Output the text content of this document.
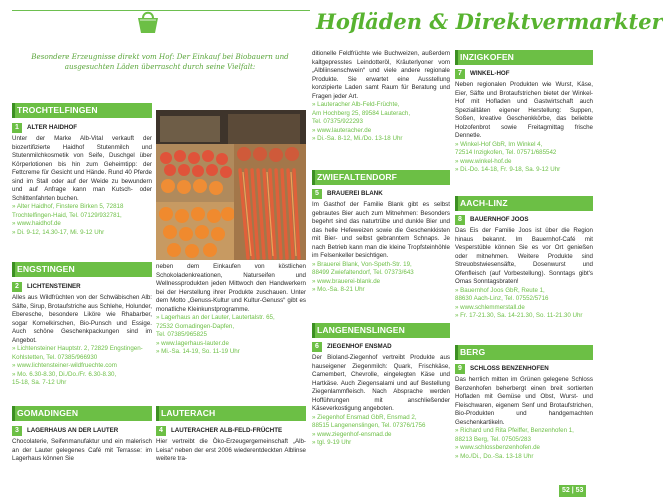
Hofläden & Direktvermarkter
Besondere Erzeugnisse direkt vom Hof: Der Einkauf bei Biobauern und ausgesuchten Läden überrascht durch seine Vielfalt:
TROCHTELFINGEN
1	ALTER HAIDHOF
Unter der Marke Alb-Vital verkauft der biozertifizierte Haidhof Stutenmilch und Stutenmilchkosmetik von Seife, Duschgel über Körperlotionen bis hin zum Geheimtipp: der Fettcreme für Gesicht und Hände. Rund 40 Pferde sind im Stall oder auf der Weide zu bewundern und auf Anfrage kann man Kutsch- oder Schlittenfahrten buchen.
» Alter Haidhof, Finstere Birken 5, 72818
Trochtelfingen-Haid, Tel. 07129/932781,
» www.haidhof.de
» Di. 9-12, 14.30-17, Mi. 9-12 Uhr
ENGSTINGEN
2	LICHTENSTEINER
Alles aus Wildfrüchten von der Schwäbischen Alb: Säfte, Sirup, Brotaufstriche aus Schlehe, Holunder, Eberesche, besondere Liköre wie Rhabarber, sogar Kornelkirschen, Bio-Punsch und Essige. Auch schöne Geschenkpackungen sind im Angebot.
» Lichtensteiner Hauptstr. 2, 72829 Engstingen-Kohlstetten, Tel. 07385/966930
» www.lichtensteiner-wildfruechte.com
» Mo. 6.30-8.30, Di./Do./Fr. 6.30-8.30,
15-18, Sa. 7-12 Uhr
GOMADINGEN
3	LAGERHAUS AN DER LAUTER
Chocolaterie, Seifenmanufaktur und ein malerisch an der Lauter gelegenes Café mit Terrasse: im Lagerhaus können Sie
neben dem Einkaufen von köstlichen Schokoladenkreationen, Naturseifen und Wellnessprodukten jeden Mittwoch den Handwerkern bei der Herstellung ihrer Produkte zuschauen. Unter dem Motto „Genuss-Kultur und Kultur-Genuss“ gibt es monatliche Kleinkunstprogramme.
» Lagerhaus an der Lauter, Lautertalstr. 65,
72532 Gomadingen-Dapfen,
Tel. 07385/965825
» www.lagerhaus-lauter.de
» Mi.-Sa. 14-19, So. 11-19 Uhr
LAUTERACH
4	LAUTERACHER ALB-FELD-FRÜCHTE
Hier vertreibt die Öko-Erzeugergemeinschaft „Alb-Leisa“ neben der erst 2006 wiederentdeckten Alblinse weitere tra-
ditionelle Feldfrüchte wie Buchweizen, außerdem kaltgepresstes Leindotteröl, Kräuterlyoner vom „Albliinsenschwein“ und viele andere regionale Produkte. Sie erwartet eine Ausstellung konzipierte Laden samt Raum für Beratung und Fragen jeder Art.
» Lauteracher Alb-Feld-Früchte,
Am Hochberg 25, 89584 Lauterach,
Tel. 07375/922293
» www.lauteracher.de
» Di.-Sa. 8-12, Mi./Do. 13-18 Uhr
ZWIEFALTENDORF
5	BRAUEREI BLANK
Im Gasthof der Familie Blank gibt es selbst gebrautes Bier auch zum Mitnehmen: Besonders begehrt sind das naturtrübe und dunkle Bier und das helle Hefeweizen sowie die Geschenkkisten mit Bier- und selbst gebranntem Schnaps. Je nach Betrieb kann man die kleine Tropfsteinhöhle im Felsenkeller besichtigen.
» Brauerei Blank, Von-Speth-Str. 19,
88499 Zwiefaltendorf, Tel. 07373/643
» www.brauerei-blank.de
» Mo.-Sa. 8-21 Uhr
LANGENENSLINGEN
6	ZIEGENHOF ENSMAD
Der Bioland-Ziegenhof vertreibt Produkte aus hauseigener Ziegenmilch: Quark, Frischkäse, Camembert, Chevrolle, eingelegten Käse und Hartkäse. Auch Ziegensalami und auf Bestellung Ziegenlammfleisch. Nach Absprache werden Hofführungen mit anschließender Käseverkostigung angeboten.
» Ziegenhof Ensmad GbR, Ensmad 2,
88515 Langenenslingen, Tel. 07376/1756
» www.ziegenhof-ensmad.de
» tgl. 9-19 Uhr
INZIGKOFEN
7	WINKEL-HOF
Neben regionalen Produkten wie Wurst, Käse, Eier, Säfte und Brotaufstrichen bietet der Winkel-Hof mit Hofladen und Gastwirtschaft auch Spezialitäten eigener Herstellung: Suppen, Soßen, kreative Geschenkkörbe, das beliebte Holzofenbrot sowie Freitagmittag frische Dennetle.
» Winkel-Hof GbR, Im Winkel 4,
72514 Inzigkofen, Tel. 07571/685542
» www.winkel-hof.de
» Di.-Do. 14-18, Fr. 9-18, Sa. 9-12 Uhr
AACH-LINZ
8	BAUERNHOF JOOS
Das Eis der Familie Joos ist über die Region hinaus bekannt. Im Bauernhof-Café mit Vesperstüble können Sie es vor Ort genießen oder mitnehmen. Weitere Produkte sind Streuobstwiesensäfte, Dosenwurst und Ofenfleisch (auf Vorbestellung). Sonntags gibt's Omas Sonntagsbraten!
» Bauernhof Joos GbR, Reute 1,
88630 Aach-Linz, Tel. 07552/5716
» www.schlemmerstall.de
» Fr. 17-21.30, Sa. 14-21.30, So. 11-21.30 Uhr
BERG
9	SCHLOSS BENZENHOFEN
Das herrlich mitten im Grünen gelegene Schloss Benzenhofen beherbergt einen breit sortierten Hofladen mit Gemüse und Obst, Wurst- und Fleischwaren, eigenem Senf und Brotaufstrichen, Bio-Produkten und handgemachten Geschenkartikeln.
» Richard und Rita Pfeiffer, Benzenhofen 1,
88213 Berg, Tel. 07505/283
» www.schlossbenzenhofen.de
» Mo./Di., Do.-Sa. 13-18 Uhr
52 | 53
